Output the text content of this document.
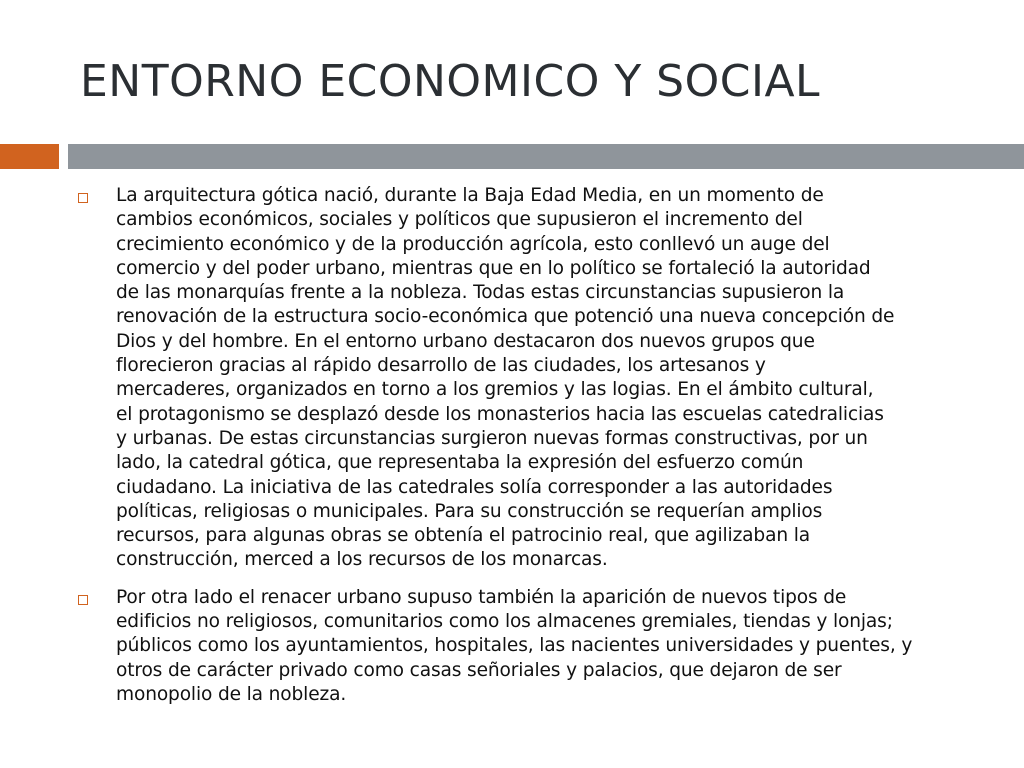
ENTORNO ECONOMICO Y SOCIAL
La arquitectura gótica nació, durante la Baja Edad Media, en un momento de
cambios económicos, sociales y políticos que supusieron el incremento del
crecimiento económico y de la producción agrícola, esto conllevó un auge del
comercio y del poder urbano, mientras que en lo político se fortaleció la autoridad
de las monarquías frente a la nobleza. Todas estas circunstancias supusieron la
renovación de la estructura socio-económica que potenció una nueva concepción de
Dios y del hombre. En el entorno urbano destacaron dos nuevos grupos que
florecieron gracias al rápido desarrollo de las ciudades, los artesanos y
mercaderes, organizados en torno a los gremios y las logias. En el ámbito cultural,
el protagonismo se desplazó desde los monasterios hacia las escuelas catedralicias
y urbanas. De estas circunstancias surgieron nuevas formas constructivas, por un
lado, la catedral gótica, que representaba la expresión del esfuerzo común
ciudadano. La iniciativa de las catedrales solía corresponder a las autoridades
políticas, religiosas o municipales. Para su construcción se requerían amplios
recursos, para algunas obras se obtenía el patrocinio real, que agilizaban la
construcción, merced a los recursos de los monarcas.
Por otra lado el renacer urbano supuso también la aparición de nuevos tipos de
edificios no religiosos, comunitarios como los almacenes gremiales, tiendas y lonjas;
públicos como los ayuntamientos, hospitales, las nacientes universidades y puentes, y
otros de carácter privado como casas señoriales y palacios, que dejaron de ser
monopolio de la nobleza.
